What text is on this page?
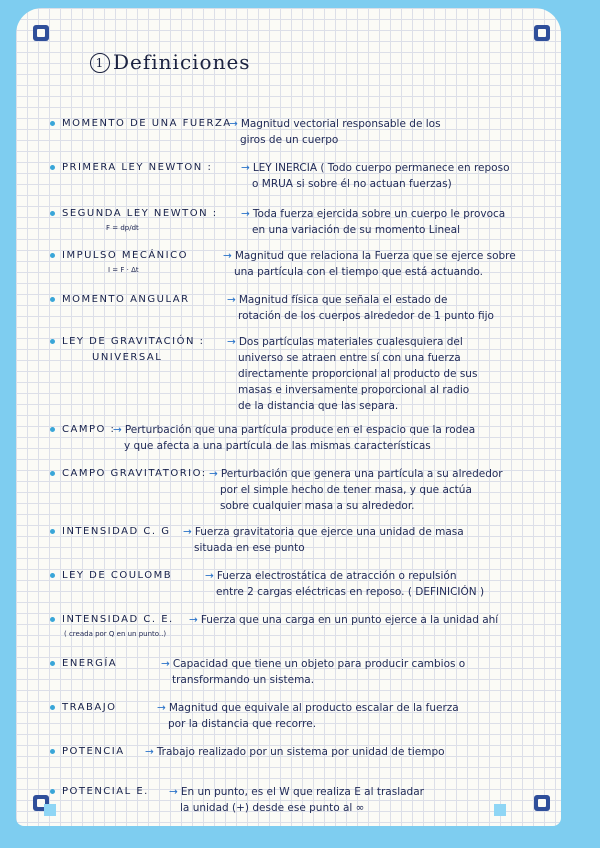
1 Definiciones
MOMENTO DE UNA FUERZA
→ Magnitud vectorial responsable de los
giros de un cuerpo
PRIMERA LEY NEWTON :	→ LEY INERCIA ( Todo cuerpo permanece en reposo
o MRUA si sobre él no actuan fuerzas)
SEGUNDA LEY NEWTON :
F = dp/dt
→ Toda fuerza ejercida sobre un cuerpo le provoca
en una variación de su momento Lineal
IMPULSO MECÁNICO
I = F · Δt
→ Magnitud que relaciona la Fuerza que se ejerce sobre
una partícula con el tiempo que está actuando.
MOMENTO ANGULAR	→ Magnitud física que señala el estado de
rotación de los cuerpos alrededor de 1 punto fijo
LEY DE GRAVITACIÓN :
UNIVERSAL
→ Dos partículas materiales cualesquiera del
universo se atraen entre sí con una fuerza
directamente proporcional al producto de sus
masas e inversamente proporcional al radio
de la distancia que las separa.
CAMPO :
→ Perturbación que una partícula produce en el espacio que la rodea
y que afecta a una partícula de las mismas características
CAMPO GRAVITATORIO: → Perturbación que genera una partícula a su alrededor
por el simple hecho de tener masa, y que actúa
sobre cualquier masa a su alrededor.
INTENSIDAD C. G → Fuerza gravitatoria que ejerce una unidad de masa
situada en ese punto
LEY DE COULOMB	→ Fuerza electrostática de atracción o repulsión
entre 2 cargas eléctricas en reposo. ( DEFINICIÓN )
INTENSIDAD C. E.
( creada por Q en un punto..)
→ Fuerza que una carga en un punto ejerce a la unidad ahí
ENERGÍA	→ Capacidad que tiene un objeto para producir cambios o
transformando un sistema.
TRABAJO	→ Magnitud que equivale al producto escalar de la fuerza
por la distancia que recorre.
POTENCIA → Trabajo realizado por un sistema por unidad de tiempo
POTENCIAL E. → En un punto, es el W que realiza E al trasladar
la unidad (+) desde ese punto al ∞
